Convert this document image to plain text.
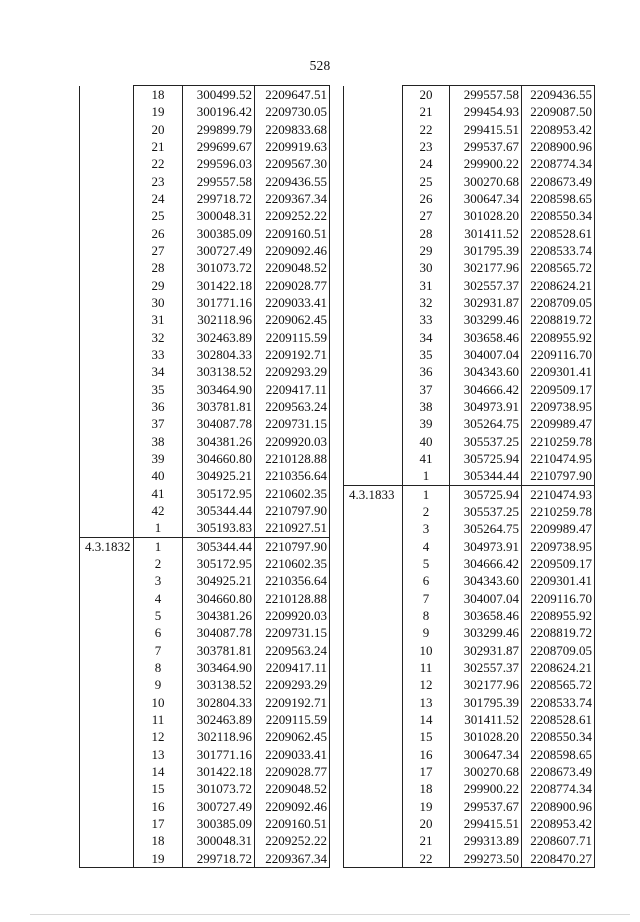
528
	18	300499.52	2209647.51
	19	300196.42	2209730.05
	20	299899.79	2209833.68
	21	299699.67	2209919.63
	22	299596.03	2209567.30
	23	299557.58	2209436.55
	24	299718.72	2209367.34
	25	300048.31	2209252.22
	26	300385.09	2209160.51
	27	300727.49	2209092.46
	28	301073.72	2209048.52
	29	301422.18	2209028.77
	30	301771.16	2209033.41
	31	302118.96	2209062.45
	32	302463.89	2209115.59
	33	302804.33	2209192.71
	34	303138.52	2209293.29
	35	303464.90	2209417.11
	36	303781.81	2209563.24
	37	304087.78	2209731.15
	38	304381.26	2209920.03
	39	304660.80	2210128.88
	40	304925.21	2210356.64
	41	305172.95	2210602.35
	42	305344.44	2210797.90
	1	305193.83	2210927.51
4.3.1832	1	305344.44	2210797.90
	2	305172.95	2210602.35
	3	304925.21	2210356.64
	4	304660.80	2210128.88
	5	304381.26	2209920.03
	6	304087.78	2209731.15
	7	303781.81	2209563.24
	8	303464.90	2209417.11
	9	303138.52	2209293.29
	10	302804.33	2209192.71
	11	302463.89	2209115.59
	12	302118.96	2209062.45
	13	301771.16	2209033.41
	14	301422.18	2209028.77
	15	301073.72	2209048.52
	16	300727.49	2209092.46
	17	300385.09	2209160.51
	18	300048.31	2209252.22
	19	299718.72	2209367.34
	20	299557.58	2209436.55
	21	299454.93	2209087.50
	22	299415.51	2208953.42
	23	299537.67	2208900.96
	24	299900.22	2208774.34
	25	300270.68	2208673.49
	26	300647.34	2208598.65
	27	301028.20	2208550.34
	28	301411.52	2208528.61
	29	301795.39	2208533.74
	30	302177.96	2208565.72
	31	302557.37	2208624.21
	32	302931.87	2208709.05
	33	303299.46	2208819.72
	34	303658.46	2208955.92
	35	304007.04	2209116.70
	36	304343.60	2209301.41
	37	304666.42	2209509.17
	38	304973.91	2209738.95
	39	305264.75	2209989.47
	40	305537.25	2210259.78
	41	305725.94	2210474.95
	1	305344.44	2210797.90
4.3.1833	1	305725.94	2210474.93
	2	305537.25	2210259.78
	3	305264.75	2209989.47
	4	304973.91	2209738.95
	5	304666.42	2209509.17
	6	304343.60	2209301.41
	7	304007.04	2209116.70
	8	303658.46	2208955.92
	9	303299.46	2208819.72
	10	302931.87	2208709.05
	11	302557.37	2208624.21
	12	302177.96	2208565.72
	13	301795.39	2208533.74
	14	301411.52	2208528.61
	15	301028.20	2208550.34
	16	300647.34	2208598.65
	17	300270.68	2208673.49
	18	299900.22	2208774.34
	19	299537.67	2208900.96
	20	299415.51	2208953.42
	21	299313.89	2208607.71
	22	299273.50	2208470.27
